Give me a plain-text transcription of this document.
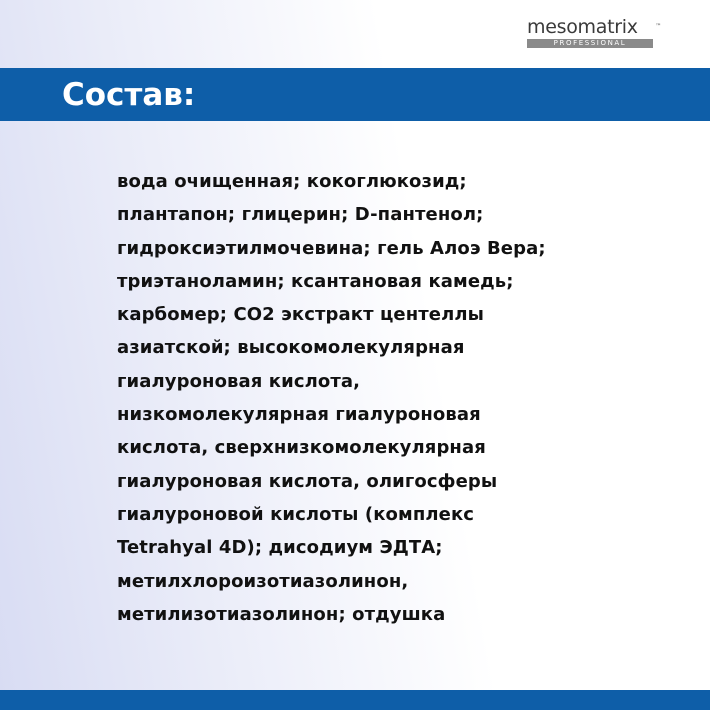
mesomatrix	™
PROFESSIONAL
Состав:
вода очищенная; кокоглюкозид;
плантапон; глицерин; D-пантенол;
гидроксиэтилмочевина; гель Алоэ Вера;
триэтаноламин; ксантановая камедь;
карбомер; СО2 экстракт центеллы
азиатской; высокомолекулярная
гиалуроновая кислота,
низкомолекулярная гиалуроновая
кислота, сверхнизкомолекулярная
гиалуроновая кислота, олигосферы
гиалуроновой кислоты (комплекс
Tetrahyal 4D); дисодиум ЭДТА;
метилхлороизотиазолинон,
метилизотиазолинон; отдушка
